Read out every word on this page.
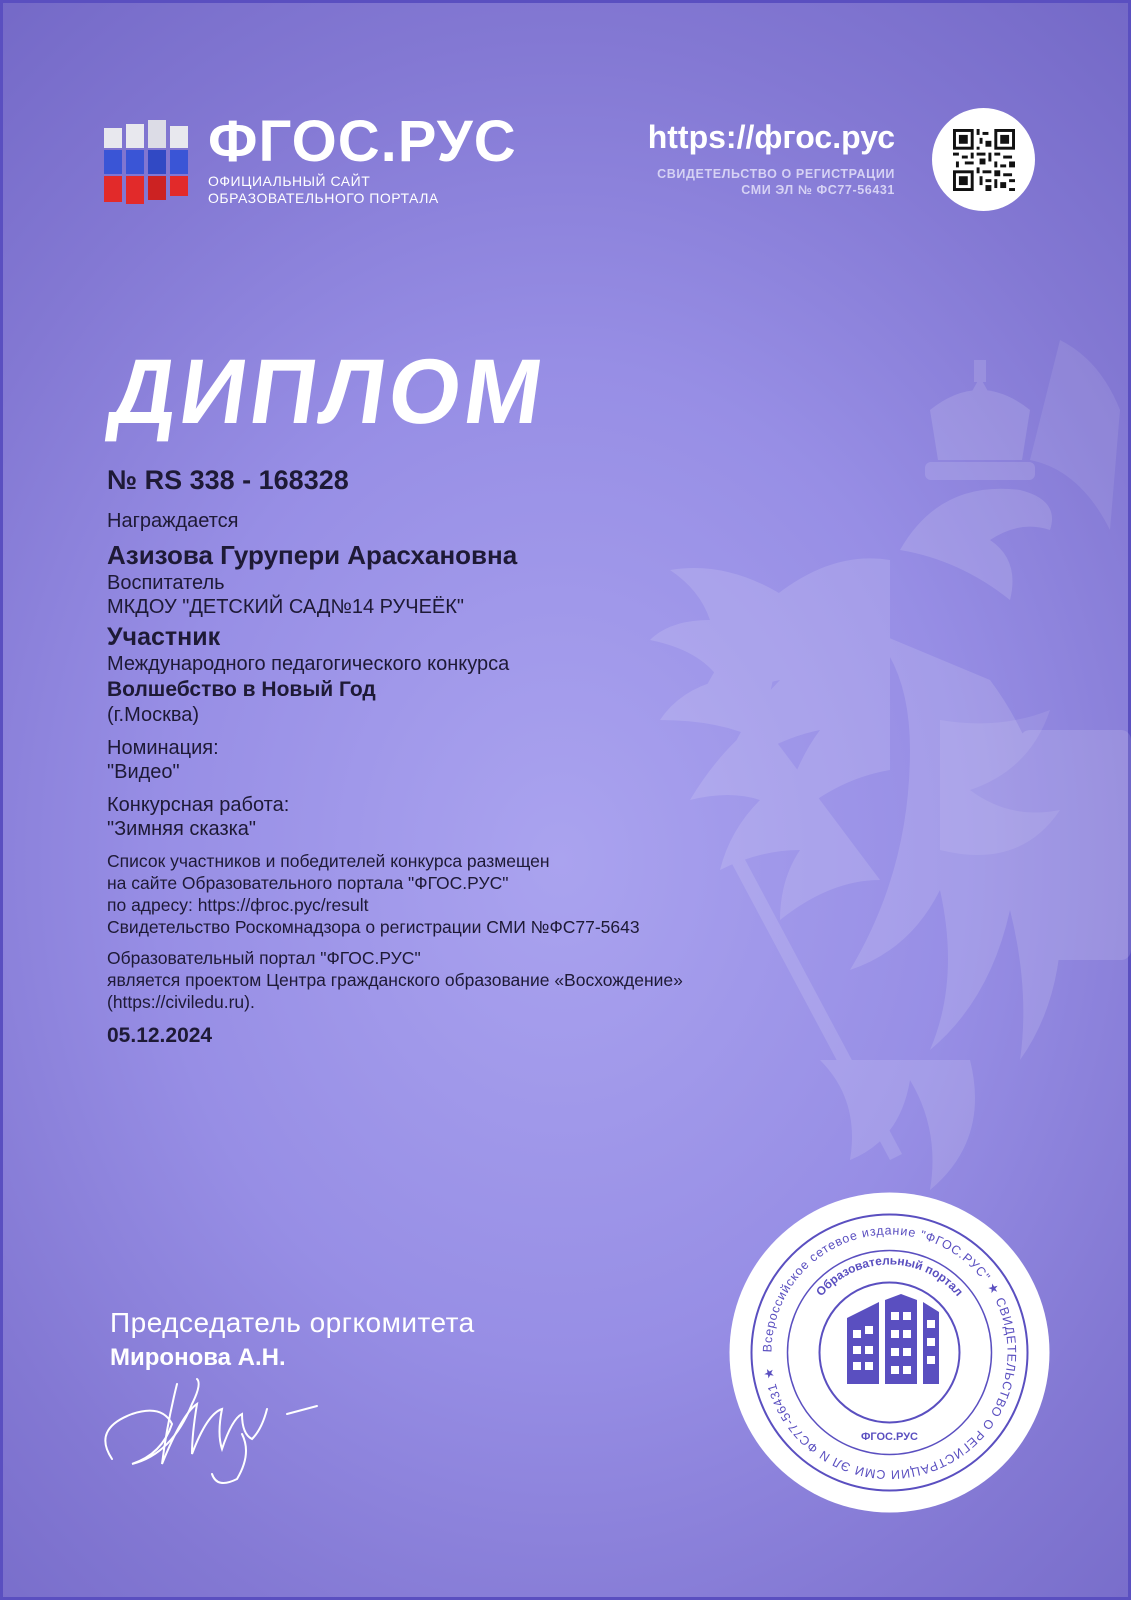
ФГОС.РУС
ОФИЦИАЛЬНЫЙ САЙТ
ОБРАЗОВАТЕЛЬНОГО ПОРТАЛА
https://фгос.рус
СВИДЕТЕЛЬСТВО О РЕГИСТРАЦИИ
СМИ ЭЛ № ФС77-56431
ДИПЛОМ

№ RS 338 - 168328

Награждается

Азизова Гурупери Арасхановна

Воспитатель

МКДОУ "ДЕТСКИЙ САД№14 РУЧЕЁК"

Участник

Международного педагогического конкурса

Волшебство в Новый Год

(г.Москва)

Номинация:

"Видео"

Конкурсная работа:

"Зимняя сказка"

Список участников и победителей конкурса размещен

на сайте Образовательного портала "ФГОС.РУС"

по адресу: https://фгос.рус/result

Свидетельство Роскомнадзора о регистрации СМИ №ФС77-5643

Образовательный портал "ФГОС.РУС"

является проектом Центра гражданского образование «Восхождение»

(https://civiledu.ru).

05.12.2024

Председатель оргкомитета
Миронова А.Н.	Всероссийское сетевое издание "ФГОС.РУС" ★ СВИДЕТЕЛЬСТВО О РЕГИСТРАЦИИ СМИ ЭЛ N ФС77-56431 ★
Образовательный портал
ФГОС.РУС
